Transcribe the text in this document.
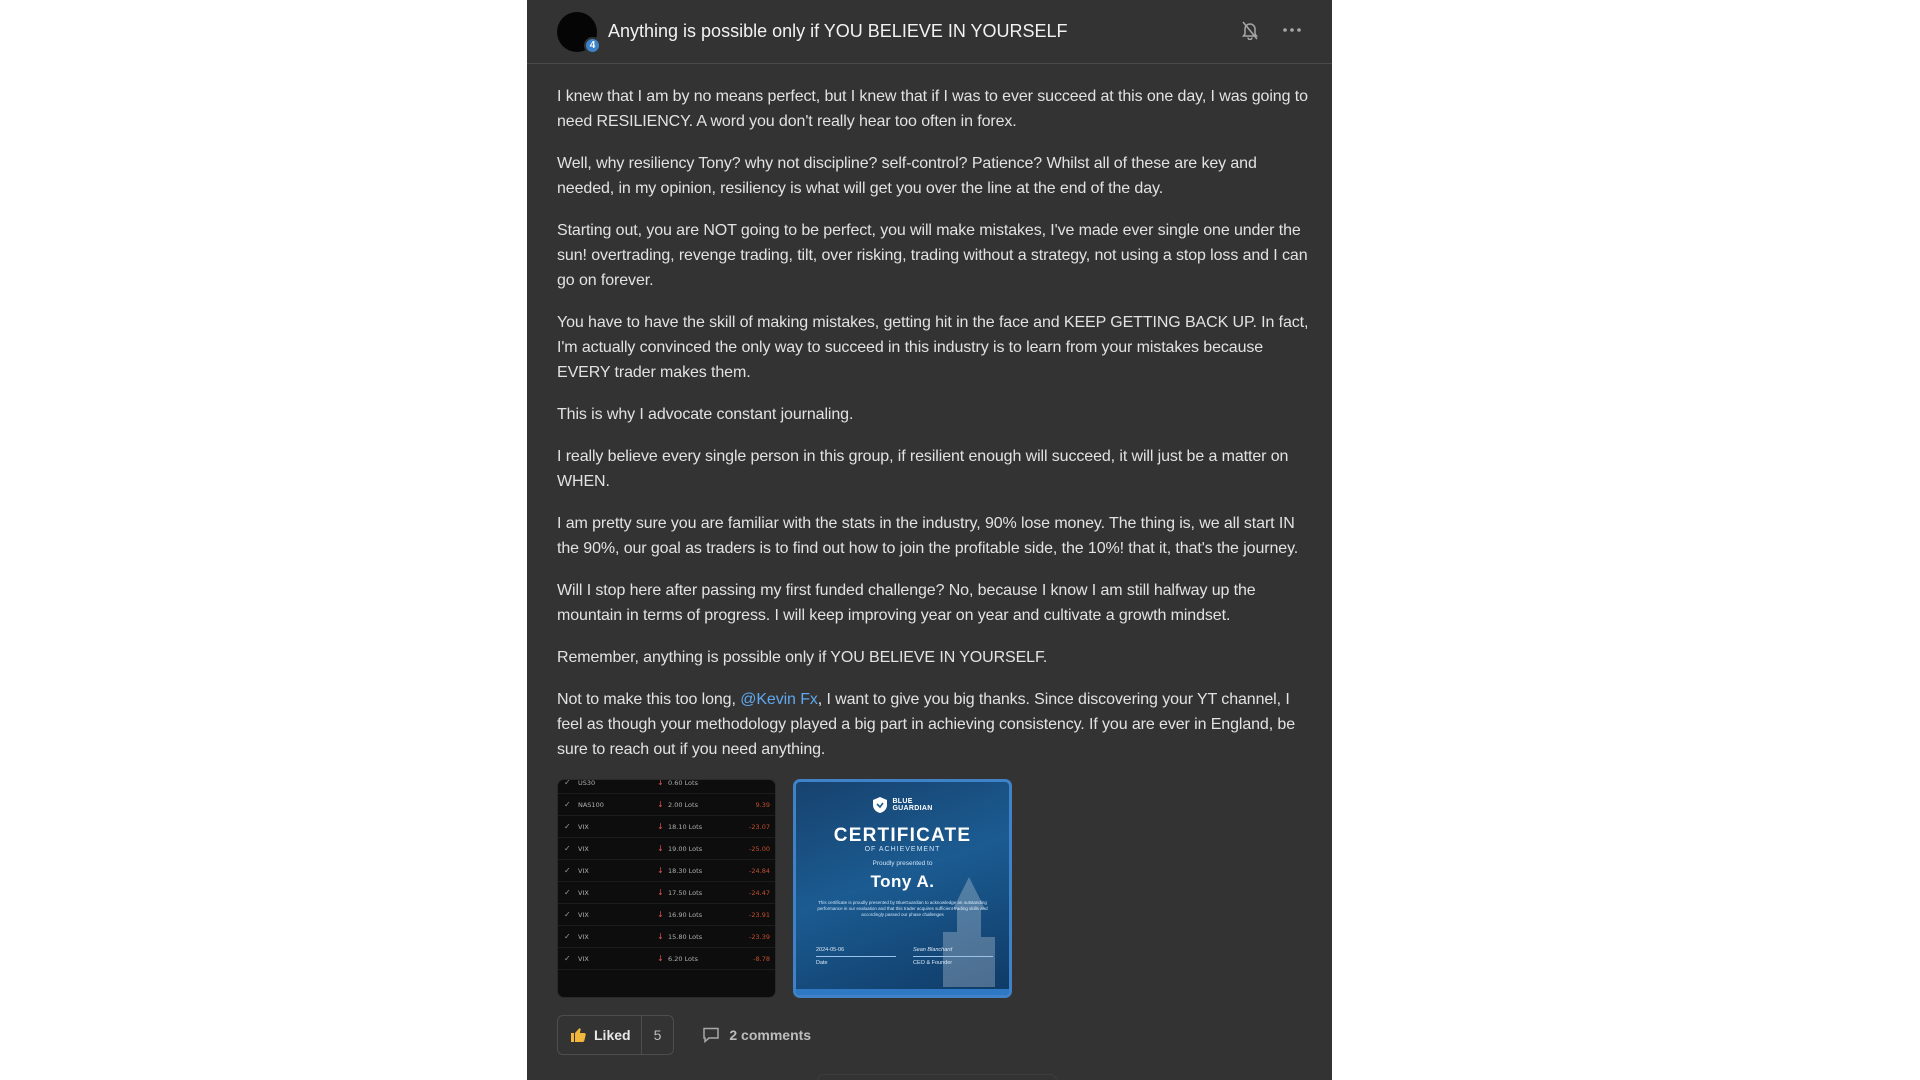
4
Anything is possible only if YOU BELIEVE IN YOURSELF

I knew that I am by no means perfect, but I knew that if I was to ever succeed at this one day, I was going to need RESILIENCY. A word you don't really hear too often in forex.

Well, why resiliency Tony? why not discipline? self-control? Patience? Whilst all of these are key and needed, in my opinion, resiliency is what will get you over the line at the end of the day.

Starting out, you are NOT going to be perfect, you will make mistakes, I've made ever single one under the sun! overtrading, revenge trading, tilt, over risking, trading without a strategy, not using a stop loss and I can go on forever.

You have to have the skill of making mistakes, getting hit in the face and KEEP GETTING BACK UP. In fact, I'm actually convinced the only way to succeed in this industry is to learn from your mistakes because EVERY trader makes them.

This is why I advocate constant journaling.

I really believe every single person in this group, if resilient enough will succeed, it will just be a matter on WHEN.

I am pretty sure you are familiar with the stats in the industry, 90% lose money. The thing is, we all start IN the 90%, our goal as traders is to find out how to join the profitable side, the 10%! that it, that's the journey.

Will I stop here after passing my first funded challenge? No, because I know I am still halfway up the mountain in terms of progress. I will keep improving year on year and cultivate a growth mindset.

Remember, anything is possible only if YOU BELIEVE IN YOURSELF.

Not to make this too long, @Kevin Fx, I want to give you big thanks. Since discovering your YT channel, I feel as though your methodology played a big part in achieving consistency. If you are ever in England, be sure to reach out if you need anything.

✓ US30	↓ 0.60 Lots
✓ NAS100	↓ 2.00 Lots	9.39
✓ VIX	↓ 18.10 Lots	-23.07
✓ VIX	↓ 19.00 Lots	-25.00
✓ VIX	↓ 18.30 Lots	-24.84
✓ VIX	↓ 17.50 Lots	-24.47
✓ VIX	↓ 16.90 Lots	-23.91
✓ VIX	↓ 15.80 Lots	-23.39
✓ VIX	↓ 6.20 Lots	-8.78
BLUE
GUARDIAN
CERTIFICATE
OF ACHIEVEMENT
Proudly presented to
Tony A.
This certificate is proudly presented by BlueGuardian to acknowledge an outstanding performance in our evaluation and that this trader acquires sufficient trading skills and accordingly passed our phase challenges
2024-05-06
Date
Sean Blanchard
CEO & Founder
Liked	5	2 comments
